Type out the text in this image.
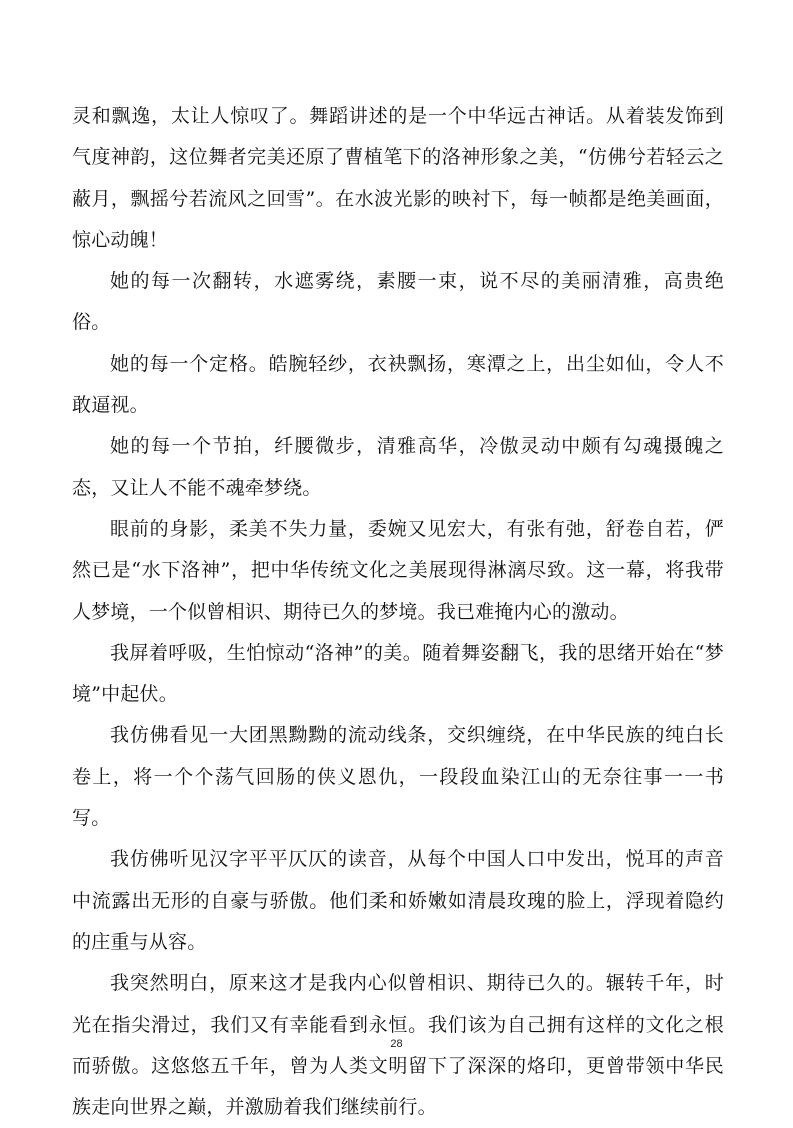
灵和飘逸，太让人惊叹了。舞蹈讲述的是一个中华远古神话。从着装发饰到气度神韵，这位舞者完美还原了曹植笔下的洛神形象之美，“仿佛兮若轻云之蔽月，飘摇兮若流风之回雪”。在水波光影的映衬下，每一帧都是绝美画面，惊心动魄！

她的每一次翻转，水遮雾绕，素腰一束，说不尽的美丽清雅，高贵绝俗。

她的每一个定格。皓腕轻纱，衣袂飘扬，寒潭之上，出尘如仙，令人不敢逼视。

她的每一个节拍，纤腰微步，清雅高华，冷傲灵动中颇有勾魂摄魄之态，又让人不能不魂牵梦绕。

眼前的身影，柔美不失力量，委婉又见宏大，有张有弛，舒卷自若，俨然已是“水下洛神”，把中华传统文化之美展现得淋漓尽致。这一幕，将我带人梦境，一个似曾相识、期待已久的梦境。我已难掩内心的激动。

我屏着呼吸，生怕惊动“洛神”的美。随着舞姿翻飞，我的思绪开始在“梦境”中起伏。

我仿佛看见一大团黑黝黝的流动线条，交织缠绕，在中华民族的纯白长卷上，将一个个荡气回肠的侠义恩仇，一段段血染江山的无奈往事一一书写。

我仿佛听见汉字平平仄仄的读音，从每个中国人口中发出，悦耳的声音中流露出无形的自豪与骄傲。他们柔和娇嫩如清晨玫瑰的脸上，浮现着隐约的庄重与从容。

我突然明白，原来这才是我内心似曾相识、期待已久的。辗转千年，时光在指尖滑过，我们又有幸能看到永恒。我们该为自己拥有这样的文化之根而骄傲。这悠悠五千年，曾为人类文明留下了深深的烙印，更曾带领中华民族走向世界之巅，并激励着我们继续前行。

28
